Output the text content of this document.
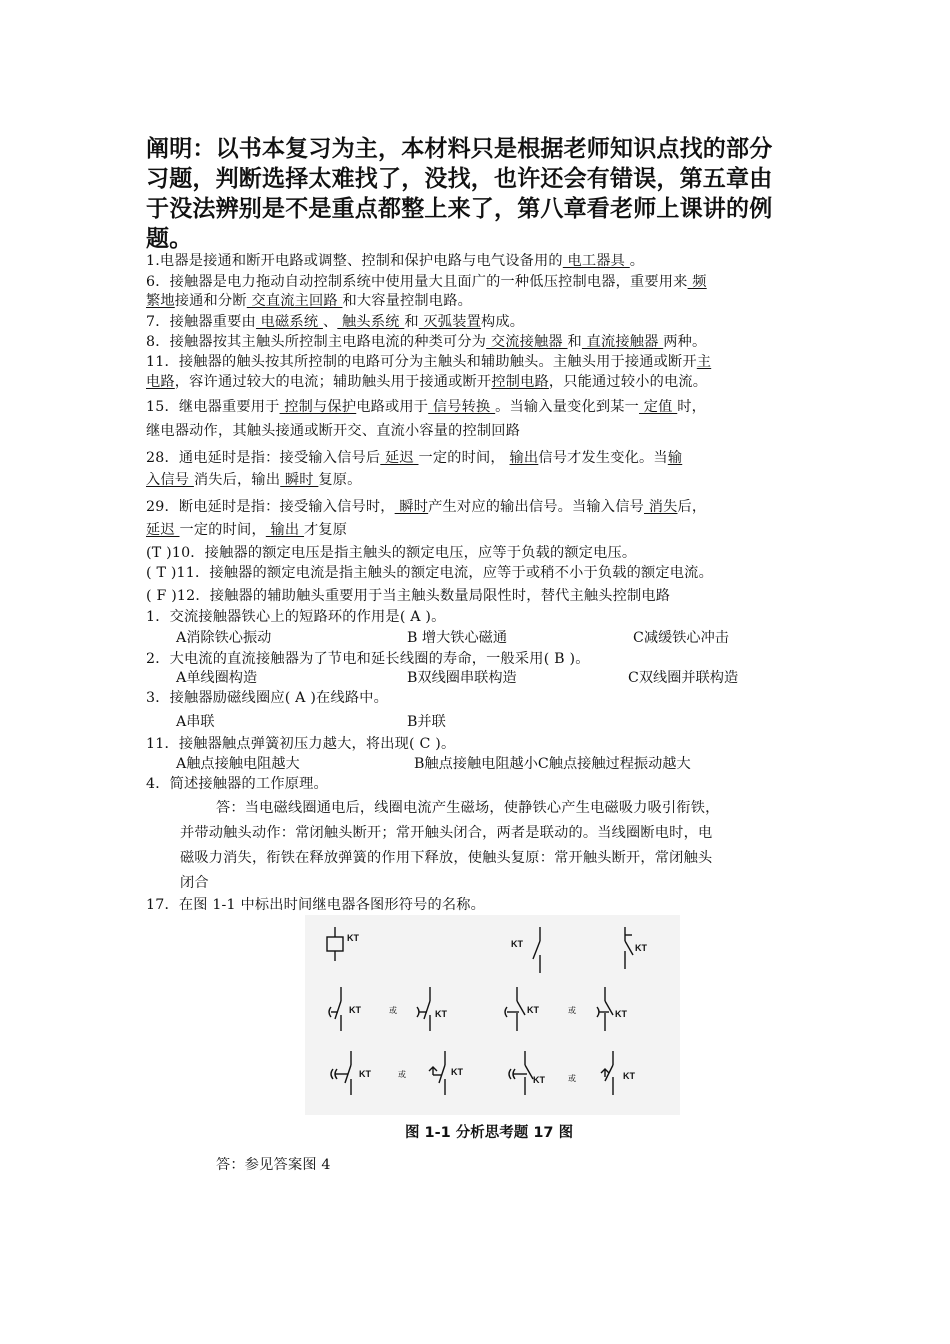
阐明：以书本复习为主，本材料只是根据老师知识点找的部分
习题，判断选择太难找了，没找，也许还会有错误，第五章由
于没法辨别是不是重点都整上来了，第八章看老师上课讲的例
题。
1.电器是接通和断开电路或调整、控制和保护电路与电气设备用的 电工器具 。
6．接触器是电力拖动自动控制系统中使用量大且面广的一种低压控制电器，重要用来 频
繁地接通和分断 交直流主回路 和大容量控制电路。
7．接触器重要由 电磁系统 、 触头系统 和 灭弧装置构成。
8．接触器按其主触头所控制主电路电流的种类可分为 交流接触器 和 直流接触器 两种。
11．接触器的触头按其所控制的电路可分为主触头和辅助触头。主触头用于接通或断开主
电路，容许通过较大的电流；辅助触头用于接通或断开控制电路，只能通过较小的电流。
15．继电器重要用于 控制与保护电路或用于 信号转换 。当输入量变化到某一 定值 时，
继电器动作，其触头接通或断开交、直流小容量的控制回路
28．通电延时是指：接受输入信号后 延迟 一定的时间， 输出信号才发生变化。当输
入信号 消失后，输出 瞬时 复原。
29．断电延时是指：接受输入信号时， 瞬时产生对应的输出信号。当输入信号 消失后，
延迟 一定的时间， 输出 才复原
(T )10．接触器的额定电压是指主触头的额定电压，应等于负载的额定电压。
( T )11．接触器的额定电流是指主触头的额定电流，应等于或稍不小于负载的额定电流。
( F )12．接触器的辅助触头重要用于当主触头数量局限性时，替代主触头控制电路
1．交流接触器铁心上的短路环的作用是( A )。
A消除铁心振动	B 增大铁心磁通	C减缓铁心冲击
2．大电流的直流接触器为了节电和延长线圈的寿命，一般采用( B )。
A单线圈构造	B双线圈串联构造	C双线圈并联构造
3．接触器励磁线圈应( A )在线路中。
A串联	B并联
11．接触器触点弹簧初压力越大，将出现( C )。
A触点接触电阻越大	B触点接触电阻越小C触点接触过程振动越大
4．简述接触器的工作原理。
答：当电磁线圈通电后，线圈电流产生磁场，使静铁心产生电磁吸力吸引衔铁，
并带动触头动作：常闭触头断开；常开触头闭合，两者是联动的。当线圈断电时，电
磁吸力消失，衔铁在释放弹簧的作用下释放，使触头复原：常开触头断开，常闭触头
闭合
17．在图 1-1 中标出时间继电器各图形符号的名称。
KT
KT	KT
KT	或	KT	KT	或	KT
KT	或	KT
KT	或	KT
图 1-1 分析思考题 17 图
答：参见答案图 4
